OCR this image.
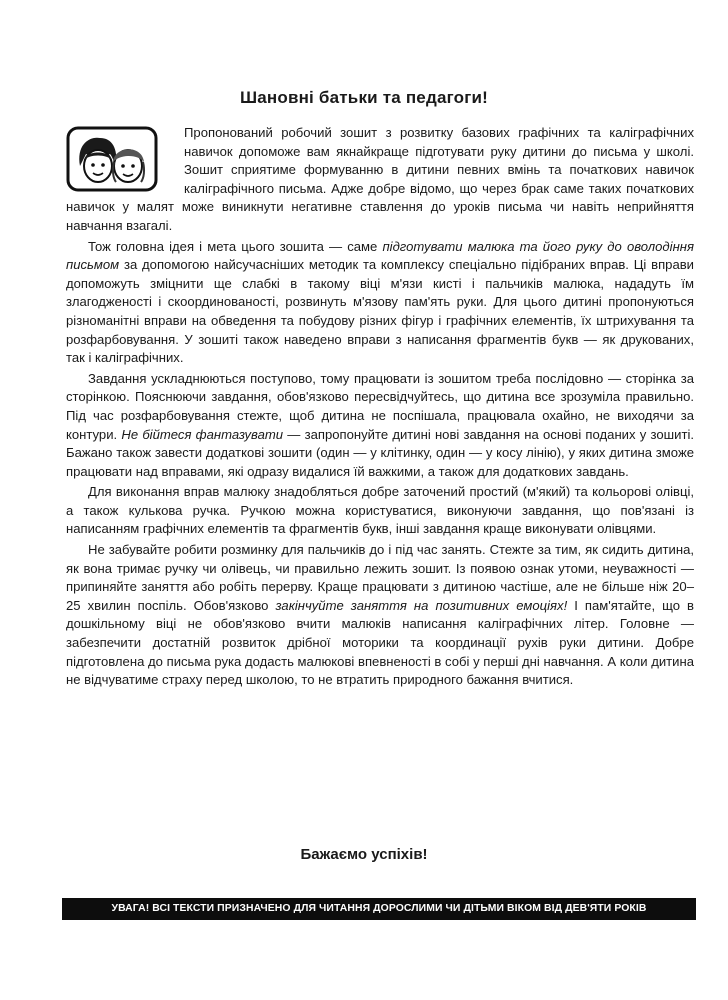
Шановні батьки та педагоги!

Пропонований робочий зошит з розвитку базових графічних та каліграфічних навичок допоможе вам якнайкраще підготувати руку дитини до письма у школі. Зошит сприятиме формуванню в дитини певних вмінь та початкових навичок каліграфічного письма. Адже добре відомо, що через брак саме таких початкових навичок у малят може виникнути негативне ставлення до уроків письма чи навіть неприйняття навчання взагалі.

Тож головна ідея і мета цього зошита — саме підготувати малюка та його руку до оволодіння письмом за допомогою найсучасніших методик та комплексу спеціально підібраних вправ. Ці вправи допоможуть зміцнити ще слабкі в такому віці м'язи кисті і пальчиків малюка, нададуть їм злагодженості і скоординованості, розвинуть м'язову пам'ять руки. Для цього дитині пропонуються різноманітні вправи на обведення та побудову різних фігур і графічних елементів, їх штрихування та розфарбовування. У зошиті також наведено вправи з написання фрагментів букв — як друкованих, так і каліграфічних.

Завдання ускладнюються поступово, тому працювати із зошитом треба послідовно — сторінка за сторінкою. Пояснюючи завдання, обов'язково пересвідчуйтесь, що дитина все зрозуміла правильно. Під час розфарбовування стежте, щоб дитина не поспішала, працювала охайно, не виходячи за контури. Не бійтеся фантазувати — запропонуйте дитині нові завдання на основі поданих у зошиті. Бажано також завести додаткові зошити (один — у клітинку, один — у косу лінію), у яких дитина зможе працювати над вправами, які одразу видалися їй важкими, а також для додаткових завдань.

Для виконання вправ малюку знадобляться добре заточений простий (м'який) та кольорові олівці, а також кулькова ручка. Ручкою можна користуватися, виконуючи завдання, що пов'язані із написанням графічних елементів та фрагментів букв, інші завдання краще виконувати олівцями.

Не забувайте робити розминку для пальчиків до і під час занять. Стежте за тим, як сидить дитина, як вона тримає ручку чи олівець, чи правильно лежить зошит. Із появою ознак утоми, неуважності — припиняйте заняття або робіть перерву. Краще працювати з дитиною частіше, але не більше ніж 20–25 хвилин поспіль. Обов'язково закінчуйте заняття на позитивних емоціях! І пам'ятайте, що в дошкільному віці не обов'язково вчити малюків написання каліграфічних літер. Головне — забезпечити достатній розвиток дрібної моторики та координації рухів руки дитини. Добре підготовлена до письма рука додасть малюкові впевненості в собі у перші дні навчання. А коли дитина не відчуватиме страху перед школою, то не втратить природного бажання вчитися.

Бажаємо успіхів!
УВАГА! ВСІ ТЕКСТИ ПРИЗНАЧЕНО ДЛЯ ЧИТАННЯ ДОРОСЛИМИ ЧИ ДІТЬМИ ВІКОМ ВІД ДЕВ'ЯТИ РОКІВ
